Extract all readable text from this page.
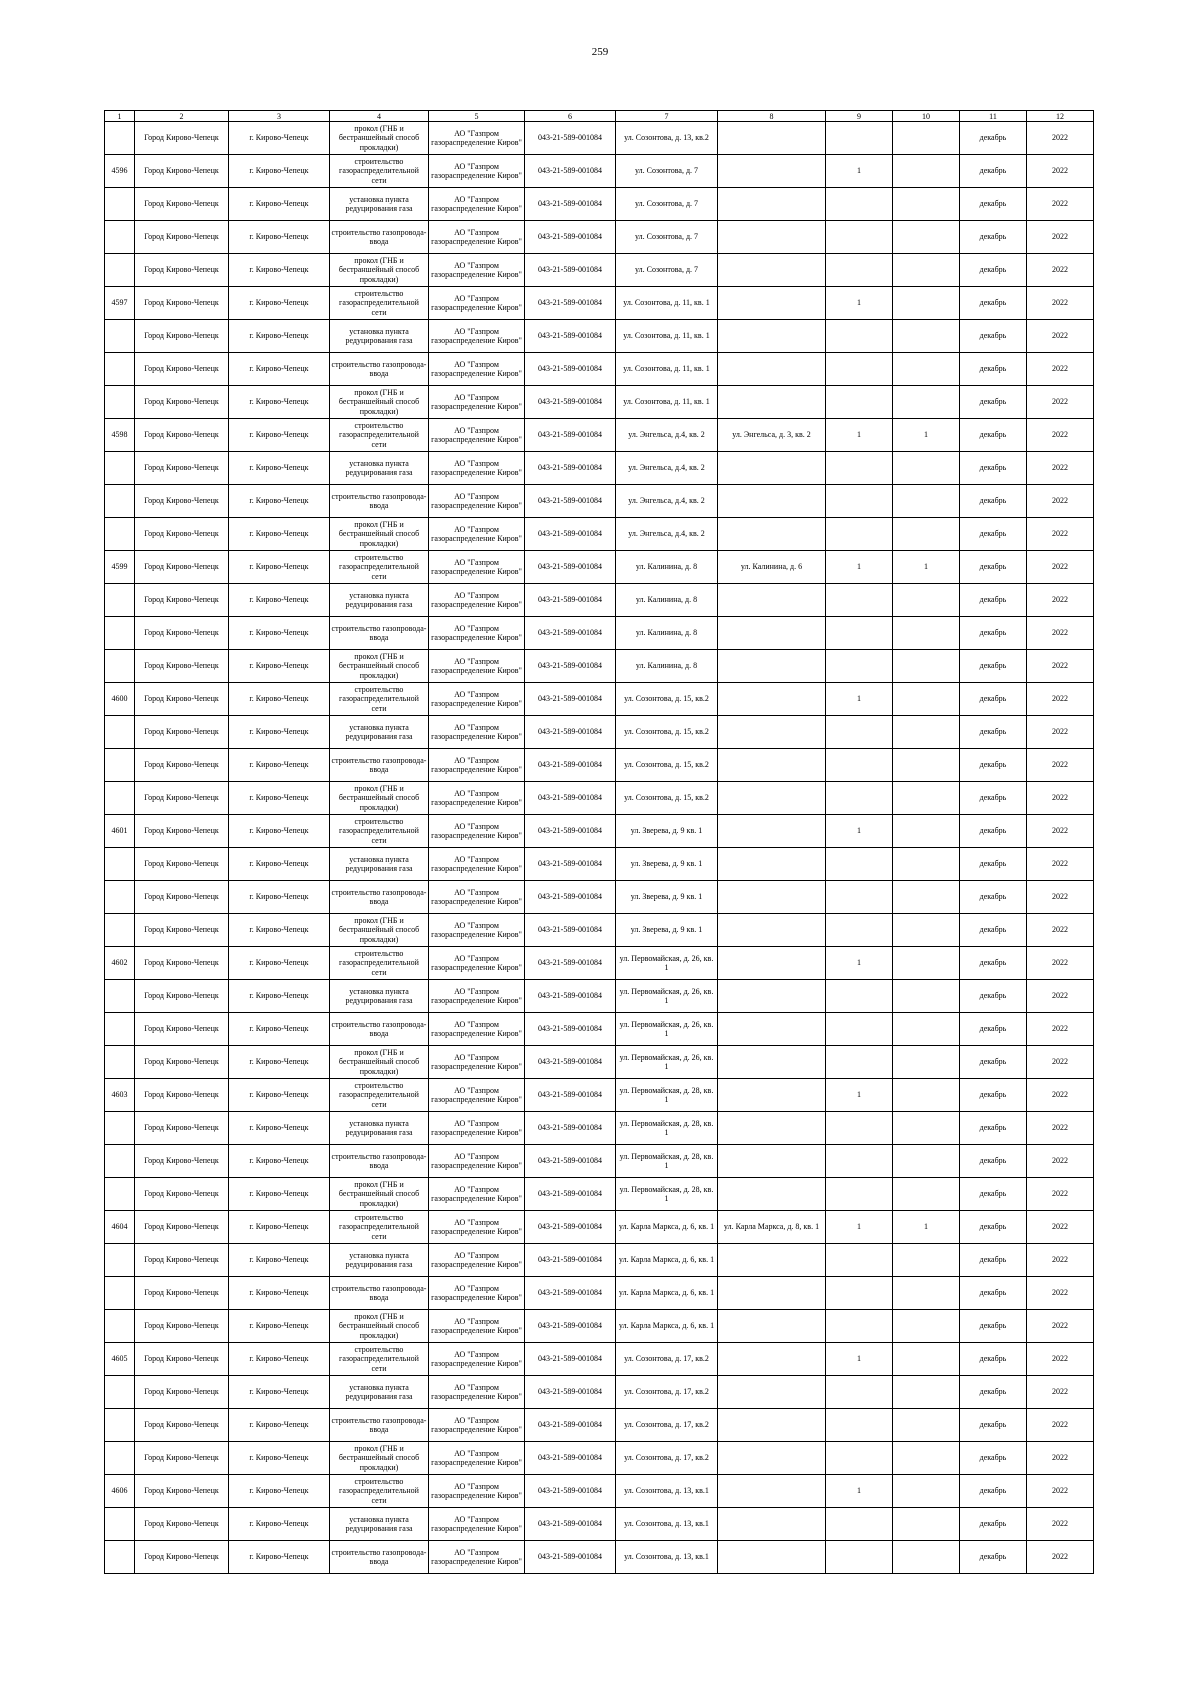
259
1	2	3	4	5	6	7	8	9	10	11	12

	Город Кирово-Чепецк	г. Кирово-Чепецк	прокол (ГНБ и бестраншейный способ прокладки)	АО "Газпром газораспределение Киров"	043-21-589-001084	ул. Созонтова, д. 13, кв.2				декабрь	2022

4596	Город Кирово-Чепецк	г. Кирово-Чепецк	строительство газораспределительной сети	АО "Газпром газораспределение Киров"	043-21-589-001084	ул. Созонтова, д. 7		1		декабрь	2022

	Город Кирово-Чепецк	г. Кирово-Чепецк	установка пункта редуцирования газа	АО "Газпром газораспределение Киров"	043-21-589-001084	ул. Созонтова, д. 7				декабрь	2022

	Город Кирово-Чепецк	г. Кирово-Чепецк	строительство газопровода-ввода	АО "Газпром газораспределение Киров"	043-21-589-001084	ул. Созонтова, д. 7				декабрь	2022

	Город Кирово-Чепецк	г. Кирово-Чепецк	прокол (ГНБ и бестраншейный способ прокладки)	АО "Газпром газораспределение Киров"	043-21-589-001084	ул. Созонтова, д. 7				декабрь	2022

4597	Город Кирово-Чепецк	г. Кирово-Чепецк	строительство газораспределительной сети	АО "Газпром газораспределение Киров"	043-21-589-001084	ул. Созонтова, д. 11, кв. 1		1		декабрь	2022

	Город Кирово-Чепецк	г. Кирово-Чепецк	установка пункта редуцирования газа	АО "Газпром газораспределение Киров"	043-21-589-001084	ул. Созонтова, д. 11, кв. 1				декабрь	2022

	Город Кирово-Чепецк	г. Кирово-Чепецк	строительство газопровода-ввода	АО "Газпром газораспределение Киров"	043-21-589-001084	ул. Созонтова, д. 11, кв. 1				декабрь	2022

	Город Кирово-Чепецк	г. Кирово-Чепецк	прокол (ГНБ и бестраншейный способ прокладки)	АО "Газпром газораспределение Киров"	043-21-589-001084	ул. Созонтова, д. 11, кв. 1				декабрь	2022

4598	Город Кирово-Чепецк	г. Кирово-Чепецк	строительство газораспределительной сети	АО "Газпром газораспределение Киров"	043-21-589-001084	ул. Энгельса, д.4, кв. 2	ул. Энгельса, д. 3, кв. 2	1	1	декабрь	2022

	Город Кирово-Чепецк	г. Кирово-Чепецк	установка пункта редуцирования газа	АО "Газпром газораспределение Киров"	043-21-589-001084	ул. Энгельса, д.4, кв. 2				декабрь	2022

	Город Кирово-Чепецк	г. Кирово-Чепецк	строительство газопровода-ввода	АО "Газпром газораспределение Киров"	043-21-589-001084	ул. Энгельса, д.4, кв. 2				декабрь	2022

	Город Кирово-Чепецк	г. Кирово-Чепецк	прокол (ГНБ и бестраншейный способ прокладки)	АО "Газпром газораспределение Киров"	043-21-589-001084	ул. Энгельса, д.4, кв. 2				декабрь	2022

4599	Город Кирово-Чепецк	г. Кирово-Чепецк	строительство газораспределительной сети	АО "Газпром газораспределение Киров"	043-21-589-001084	ул. Калинина, д. 8	ул. Калинина, д. 6	1	1	декабрь	2022

	Город Кирово-Чепецк	г. Кирово-Чепецк	установка пункта редуцирования газа	АО "Газпром газораспределение Киров"	043-21-589-001084	ул. Калинина, д. 8				декабрь	2022

	Город Кирово-Чепецк	г. Кирово-Чепецк	строительство газопровода-ввода	АО "Газпром газораспределение Киров"	043-21-589-001084	ул. Калинина, д. 8				декабрь	2022

	Город Кирово-Чепецк	г. Кирово-Чепецк	прокол (ГНБ и бестраншейный способ прокладки)	АО "Газпром газораспределение Киров"	043-21-589-001084	ул. Калинина, д. 8				декабрь	2022

4600	Город Кирово-Чепецк	г. Кирово-Чепецк	строительство газораспределительной сети	АО "Газпром газораспределение Киров"	043-21-589-001084	ул. Созонтова, д. 15, кв.2		1		декабрь	2022

	Город Кирово-Чепецк	г. Кирово-Чепецк	установка пункта редуцирования газа	АО "Газпром газораспределение Киров"	043-21-589-001084	ул. Созонтова, д. 15, кв.2				декабрь	2022

	Город Кирово-Чепецк	г. Кирово-Чепецк	строительство газопровода-ввода	АО "Газпром газораспределение Киров"	043-21-589-001084	ул. Созонтова, д. 15, кв.2				декабрь	2022

	Город Кирово-Чепецк	г. Кирово-Чепецк	прокол (ГНБ и бестраншейный способ прокладки)	АО "Газпром газораспределение Киров"	043-21-589-001084	ул. Созонтова, д. 15, кв.2				декабрь	2022

4601	Город Кирово-Чепецк	г. Кирово-Чепецк	строительство газораспределительной сети	АО "Газпром газораспределение Киров"	043-21-589-001084	ул. Зверева, д. 9 кв. 1		1		декабрь	2022

	Город Кирово-Чепецк	г. Кирово-Чепецк	установка пункта редуцирования газа	АО "Газпром газораспределение Киров"	043-21-589-001084	ул. Зверева, д. 9 кв. 1				декабрь	2022

	Город Кирово-Чепецк	г. Кирово-Чепецк	строительство газопровода-ввода	АО "Газпром газораспределение Киров"	043-21-589-001084	ул. Зверева, д. 9 кв. 1				декабрь	2022

	Город Кирово-Чепецк	г. Кирово-Чепецк	прокол (ГНБ и бестраншейный способ прокладки)	АО "Газпром газораспределение Киров"	043-21-589-001084	ул. Зверева, д. 9 кв. 1				декабрь	2022

4602	Город Кирово-Чепецк	г. Кирово-Чепецк	строительство газораспределительной сети	АО "Газпром газораспределение Киров"	043-21-589-001084	ул. Первомайская, д. 26, кв. 1		1		декабрь	2022

	Город Кирово-Чепецк	г. Кирово-Чепецк	установка пункта редуцирования газа	АО "Газпром газораспределение Киров"	043-21-589-001084	ул. Первомайская, д. 26, кв. 1				декабрь	2022

	Город Кирово-Чепецк	г. Кирово-Чепецк	строительство газопровода-ввода	АО "Газпром газораспределение Киров"	043-21-589-001084	ул. Первомайская, д. 26, кв. 1				декабрь	2022

	Город Кирово-Чепецк	г. Кирово-Чепецк	прокол (ГНБ и бестраншейный способ прокладки)	АО "Газпром газораспределение Киров"	043-21-589-001084	ул. Первомайская, д. 26, кв. 1				декабрь	2022

4603	Город Кирово-Чепецк	г. Кирово-Чепецк	строительство газораспределительной сети	АО "Газпром газораспределение Киров"	043-21-589-001084	ул. Первомайская, д. 28, кв. 1		1		декабрь	2022

	Город Кирово-Чепецк	г. Кирово-Чепецк	установка пункта редуцирования газа	АО "Газпром газораспределение Киров"	043-21-589-001084	ул. Первомайская, д. 28, кв. 1				декабрь	2022

	Город Кирово-Чепецк	г. Кирово-Чепецк	строительство газопровода-ввода	АО "Газпром газораспределение Киров"	043-21-589-001084	ул. Первомайская, д. 28, кв. 1				декабрь	2022

	Город Кирово-Чепецк	г. Кирово-Чепецк	прокол (ГНБ и бестраншейный способ прокладки)	АО "Газпром газораспределение Киров"	043-21-589-001084	ул. Первомайская, д. 28, кв. 1				декабрь	2022

4604	Город Кирово-Чепецк	г. Кирово-Чепецк	строительство газораспределительной сети	АО "Газпром газораспределение Киров"	043-21-589-001084	ул. Карла Маркса, д. 6, кв. 1	ул. Карла Маркса, д. 8, кв. 1	1	1	декабрь	2022

	Город Кирово-Чепецк	г. Кирово-Чепецк	установка пункта редуцирования газа	АО "Газпром газораспределение Киров"	043-21-589-001084	ул. Карла Маркса, д. 6, кв. 1				декабрь	2022

	Город Кирово-Чепецк	г. Кирово-Чепецк	строительство газопровода-ввода	АО "Газпром газораспределение Киров"	043-21-589-001084	ул. Карла Маркса, д. 6, кв. 1				декабрь	2022

	Город Кирово-Чепецк	г. Кирово-Чепецк	прокол (ГНБ и бестраншейный способ прокладки)	АО "Газпром газораспределение Киров"	043-21-589-001084	ул. Карла Маркса, д. 6, кв. 1				декабрь	2022

4605	Город Кирово-Чепецк	г. Кирово-Чепецк	строительство газораспределительной сети	АО "Газпром газораспределение Киров"	043-21-589-001084	ул. Созонтова, д. 17, кв.2		1		декабрь	2022

	Город Кирово-Чепецк	г. Кирово-Чепецк	установка пункта редуцирования газа	АО "Газпром газораспределение Киров"	043-21-589-001084	ул. Созонтова, д. 17, кв.2				декабрь	2022

	Город Кирово-Чепецк	г. Кирово-Чепецк	строительство газопровода-ввода	АО "Газпром газораспределение Киров"	043-21-589-001084	ул. Созонтова, д. 17, кв.2				декабрь	2022

	Город Кирово-Чепецк	г. Кирово-Чепецк	прокол (ГНБ и бестраншейный способ прокладки)	АО "Газпром газораспределение Киров"	043-21-589-001084	ул. Созонтова, д. 17, кв.2				декабрь	2022

4606	Город Кирово-Чепецк	г. Кирово-Чепецк	строительство газораспределительной сети	АО "Газпром газораспределение Киров"	043-21-589-001084	ул. Созонтова, д. 13, кв.1		1		декабрь	2022

	Город Кирово-Чепецк	г. Кирово-Чепецк	установка пункта редуцирования газа	АО "Газпром газораспределение Киров"	043-21-589-001084	ул. Созонтова, д. 13, кв.1				декабрь	2022

	Город Кирово-Чепецк	г. Кирово-Чепецк	строительство газопровода-ввода	АО "Газпром газораспределение Киров"	043-21-589-001084	ул. Созонтова, д. 13, кв.1				декабрь	2022
